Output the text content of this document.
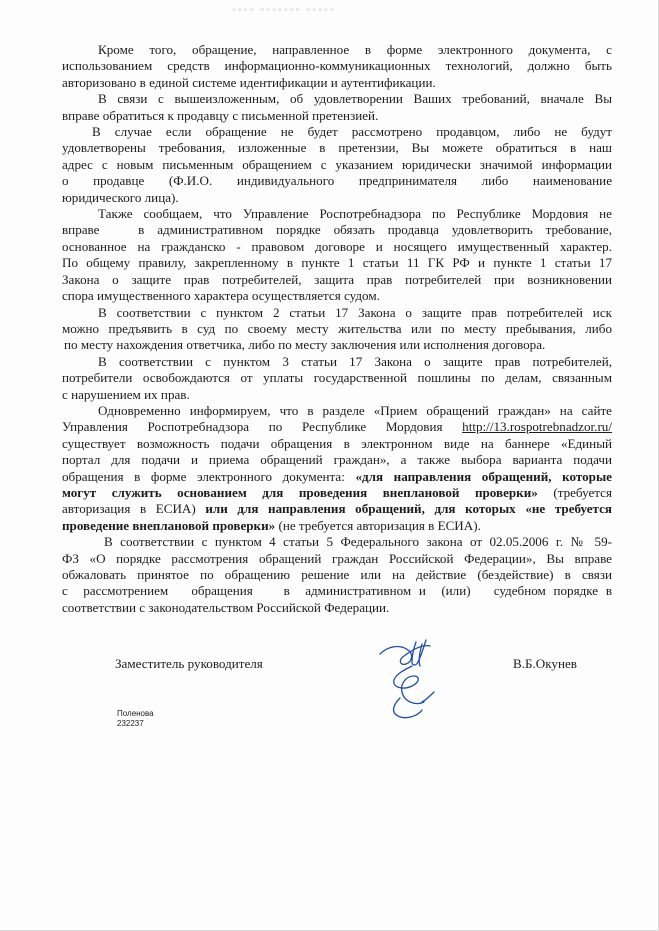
▪▪▪▪ ▪▪▪▪▪▪▪ ▪▪▪▪▪
Кроме того, обращение, направленное в форме электронного документа, с
использованием средств информационно-коммуникационных технологий, должно быть
авторизовано в единой системе идентификации и аутентификации.
В связи с вышеизложенным, об удовлетворении Ваших требований, вначале Вы
вправе обратиться к продавцу с письменной претензией.
В случае если обращение не будет рассмотрено продавцом, либо не будут
удовлетворены требования, изложенные в претензии, Вы можете обратиться в наш
адрес с новым письменным обращением с указанием юридически значимой информации
о   продавце   (Ф.И.О.   индивидуального   предпринимателя   либо   наименование
юридического лица).
Также сообщаем, что Управление Роспотребнадзора по Республике Мордовия не
вправе   в административном порядке обязать продавца удовлетворить требование,
основанное на гражданско - правовом договоре и носящего имущественный характер.
По общему правилу, закрепленному в пункте 1 статьи 11 ГК РФ и пункте 1 статьи 17
Закона о защите прав потребителей, защита прав потребителей при возникновении
спора имущественного характера осуществляется судом.
В соответствии с пунктом 2 статьи 17 Закона о защите прав потребителей иск
можно предъявить в суд по своему месту жительства или по месту пребывания, либо
по месту нахождения ответчика, либо по месту заключения или исполнения договора.
В соответствии с пунктом 3 статьи 17 Закона о защите прав потребителей,
потребители освобождаются от уплаты государственной пошлины по делам, связанным
с нарушением их прав.
Одновременно информируем, что в разделе «Прием обращений граждан» на сайте
Управления Роспотребнадзора по Республике Мордовия http://13.rospotrebnadzor.ru/
существует возможность подачи обращения в электронном виде на баннере «Единый
портал для подачи и приема обращений граждан», а также выбора варианта подачи
обращения в форме электронного документа: «для направления обращений, которые
могут служить основанием для проведения внеплановой проверки» (требуется
авторизация в ЕСИА) или для направления обращений, для которых «не требуется
проведение внеплановой проверки» (не требуется авторизация в ЕСИА).
В соответствии с пунктом 4 статьи 5 Федерального закона от 02.05.2006 г. № 59-
ФЗ «О порядке рассмотрения обращений граждан Российской Федерации», Вы вправе
обжаловать принятое по обращению решение или на действие (бездействие) в связи
с  рассмотрением   обращения    в  административном и  (или)   судебном порядке в
соответствии с законодательством Российской Федерации.
Заместитель руководителя	В.Б.Окунев
Поленова
232237
